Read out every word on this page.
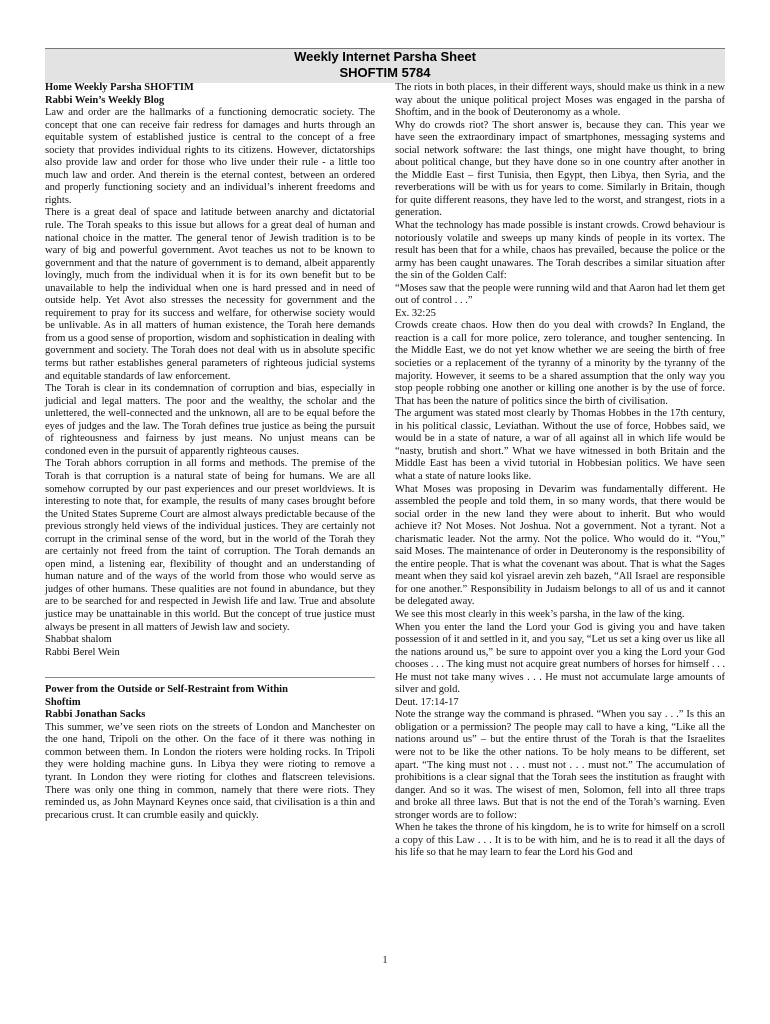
Weekly Internet Parsha Sheet
SHOFTIM 5784

Home Weekly Parsha SHOFTIM

Rabbi Wein’s Weekly Blog

Law and order are the hallmarks of a functioning democratic society. The concept that one can receive fair redress for damages and hurts through an equitable system of established justice is central to the concept of a free society that provides individual rights to its citizens. However, dictatorships also provide law and order for those who live under their rule - a little too much law and order. And therein is the eternal contest, between an ordered and properly functioning society and an individual’s inherent freedoms and rights.

There is a great deal of space and latitude between anarchy and dictatorial rule. The Torah speaks to this issue but allows for a great deal of human and national choice in the matter. The general tenor of Jewish tradition is to be wary of big and powerful government. Avot teaches us not to be known to government and that the nature of government is to demand, albeit apparently lovingly, much from the individual when it is for its own benefit but to be unavailable to help the individual when one is hard pressed and in need of outside help. Yet Avot also stresses the necessity for government and the requirement to pray for its success and welfare, for otherwise society would be unlivable. As in all matters of human existence, the Torah here demands from us a good sense of proportion, wisdom and sophistication in dealing with government and society. The Torah does not deal with us in absolute specific terms but rather establishes general parameters of righteous judicial systems and equitable standards of law enforcement.

The Torah is clear in its condemnation of corruption and bias, especially in judicial and legal matters. The poor and the wealthy, the scholar and the unlettered, the well-connected and the unknown, all are to be equal before the eyes of judges and the law. The Torah defines true justice as being the pursuit of righteousness and fairness by just means. No unjust means can be condoned even in the pursuit of apparently righteous causes.

The Torah abhors corruption in all forms and methods. The premise of the Torah is that corruption is a natural state of being for humans. We are all somehow corrupted by our past experiences and our preset worldviews. It is interesting to note that, for example, the results of many cases brought before the United States Supreme Court are almost always predictable because of the previous strongly held views of the individual justices. They are certainly not corrupt in the criminal sense of the word, but in the world of the Torah they are certainly not freed from the taint of corruption. The Torah demands an open mind, a listening ear, flexibility of thought and an understanding of human nature and of the ways of the world from those who would serve as judges of other humans. These qualities are not found in abundance, but they are to be searched for and respected in Jewish life and law. True and absolute justice may be unattainable in this world. But the concept of true justice must always be present in all matters of Jewish law and society.

Shabbat shalom

Rabbi Berel Wein

Power from the Outside or Self-Restraint from Within

Shoftim

Rabbi Jonathan Sacks

This summer, we’ve seen riots on the streets of London and Manchester on the one hand, Tripoli on the other. On the face of it there was nothing in common between them. In London the rioters were holding rocks. In Tripoli they were holding machine guns. In Libya they were rioting to remove a tyrant. In London they were rioting for clothes and flatscreen televisions. There was only one thing in common, namely that there were riots. They reminded us, as John Maynard Keynes once said, that civilisation is a thin and precarious crust. It can crumble easily and quickly.

The riots in both places, in their different ways, should make us think in a new way about the unique political project Moses was engaged in the parsha of Shoftim, and in the book of Deuteronomy as a whole.

Why do crowds riot? The short answer is, because they can. This year we have seen the extraordinary impact of smartphones, messaging systems and social network software: the last things, one might have thought, to bring about political change, but they have done so in one country after another in the Middle East – first Tunisia, then Egypt, then Libya, then Syria, and the reverberations will be with us for years to come. Similarly in Britain, though for quite different reasons, they have led to the worst, and strangest, riots in a generation.

What the technology has made possible is instant crowds. Crowd behaviour is notoriously volatile and sweeps up many kinds of people in its vortex. The result has been that for a while, chaos has prevailed, because the police or the army has been caught unawares. The Torah describes a similar situation after the sin of the Golden Calf:

“Moses saw that the people were running wild and that Aaron had let them get out of control . . .”

Ex. 32:25

Crowds create chaos. How then do you deal with crowds? In England, the reaction is a call for more police, zero tolerance, and tougher sentencing. In the Middle East, we do not yet know whether we are seeing the birth of free societies or a replacement of the tyranny of a minority by the tyranny of the majority. However, it seems to be a shared assumption that the only way you stop people robbing one another or killing one another is by the use of force. That has been the nature of politics since the birth of civilisation.

The argument was stated most clearly by Thomas Hobbes in the 17th century, in his political classic, Leviathan. Without the use of force, Hobbes said, we would be in a state of nature, a war of all against all in which life would be “nasty, brutish and short.” What we have witnessed in both Britain and the Middle East has been a vivid tutorial in Hobbesian politics. We have seen what a state of nature looks like.

What Moses was proposing in Devarim was fundamentally different. He assembled the people and told them, in so many words, that there would be social order in the new land they were about to inherit. But who would achieve it? Not Moses. Not Joshua. Not a government. Not a tyrant. Not a charismatic leader. Not the army. Not the police. Who would do it. “You,” said Moses. The maintenance of order in Deuteronomy is the responsibility of the entire people. That is what the covenant was about. That is what the Sages meant when they said kol yisrael arevin zeh bazeh, “All Israel are responsible for one another.” Responsibility in Judaism belongs to all of us and it cannot be delegated away.

We see this most clearly in this week’s parsha, in the law of the king.

When you enter the land the Lord your God is giving you and have taken possession of it and settled in it, and you say, “Let us set a king over us like all the nations around us,” be sure to appoint over you a king the Lord your God chooses . . . The king must not acquire great numbers of horses for himself . . . He must not take many wives . . . He must not accumulate large amounts of silver and gold.

Deut. 17:14-17

Note the strange way the command is phrased. “When you say . . .” Is this an obligation or a permission? The people may call to have a king, “Like all the nations around us” – but the entire thrust of the Torah is that the Israelites were not to be like the other nations. To be holy means to be different, set apart. “The king must not . . . must not . . . must not.” The accumulation of prohibitions is a clear signal that the Torah sees the institution as fraught with danger. And so it was. The wisest of men, Solomon, fell into all three traps and broke all three laws. But that is not the end of the Torah’s warning. Even stronger words are to follow:

When he takes the throne of his kingdom, he is to write for himself on a scroll a copy of this Law . . . It is to be with him, and he is to read it all the days of his life so that he may learn to fear the Lord his God and

1
